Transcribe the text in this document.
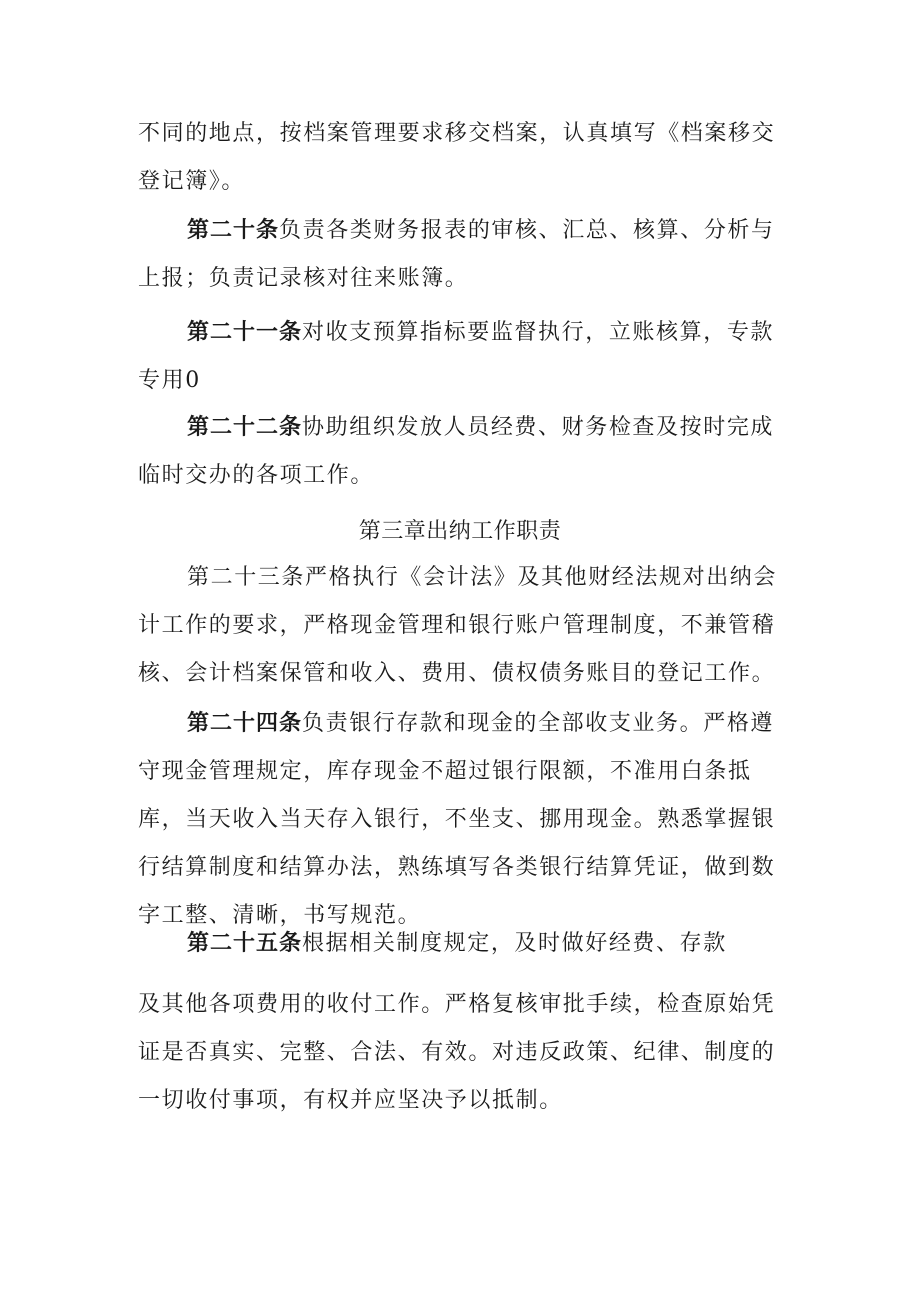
不同的地点，按档案管理要求移交档案，认真填写《档案移交登记簿》。
第二十条负责各类财务报表的审核、汇总、核算、分析与上报；负责记录核对往来账簿。
第二十一条对收支预算指标要监督执行，立账核算，专款专用0
第二十二条协助组织发放人员经费、财务检查及按时完成临时交办的各项工作。
第三章出纳工作职责
第二十三条严格执行《会计法》及其他财经法规对出纳会计工作的要求，严格现金管理和银行账户管理制度，不兼管稽核、会计档案保管和收入、费用、债权债务账目的登记工作。
第二十四条负责银行存款和现金的全部收支业务。严格遵守现金管理规定，库存现金不超过银行限额，不准用白条抵库，当天收入当天存入银行，不坐支、挪用现金。熟悉掌握银行结算制度和结算办法，熟练填写各类银行结算凭证，做到数字工整、清晰，书写规范。
第二十五条根据相关制度规定，及时做好经费、存款
及其他各项费用的收付工作。严格复核审批手续，检查原始凭证是否真实、完整、合法、有效。对违反政策、纪律、制度的一切收付事项，有权并应坚决予以抵制。
